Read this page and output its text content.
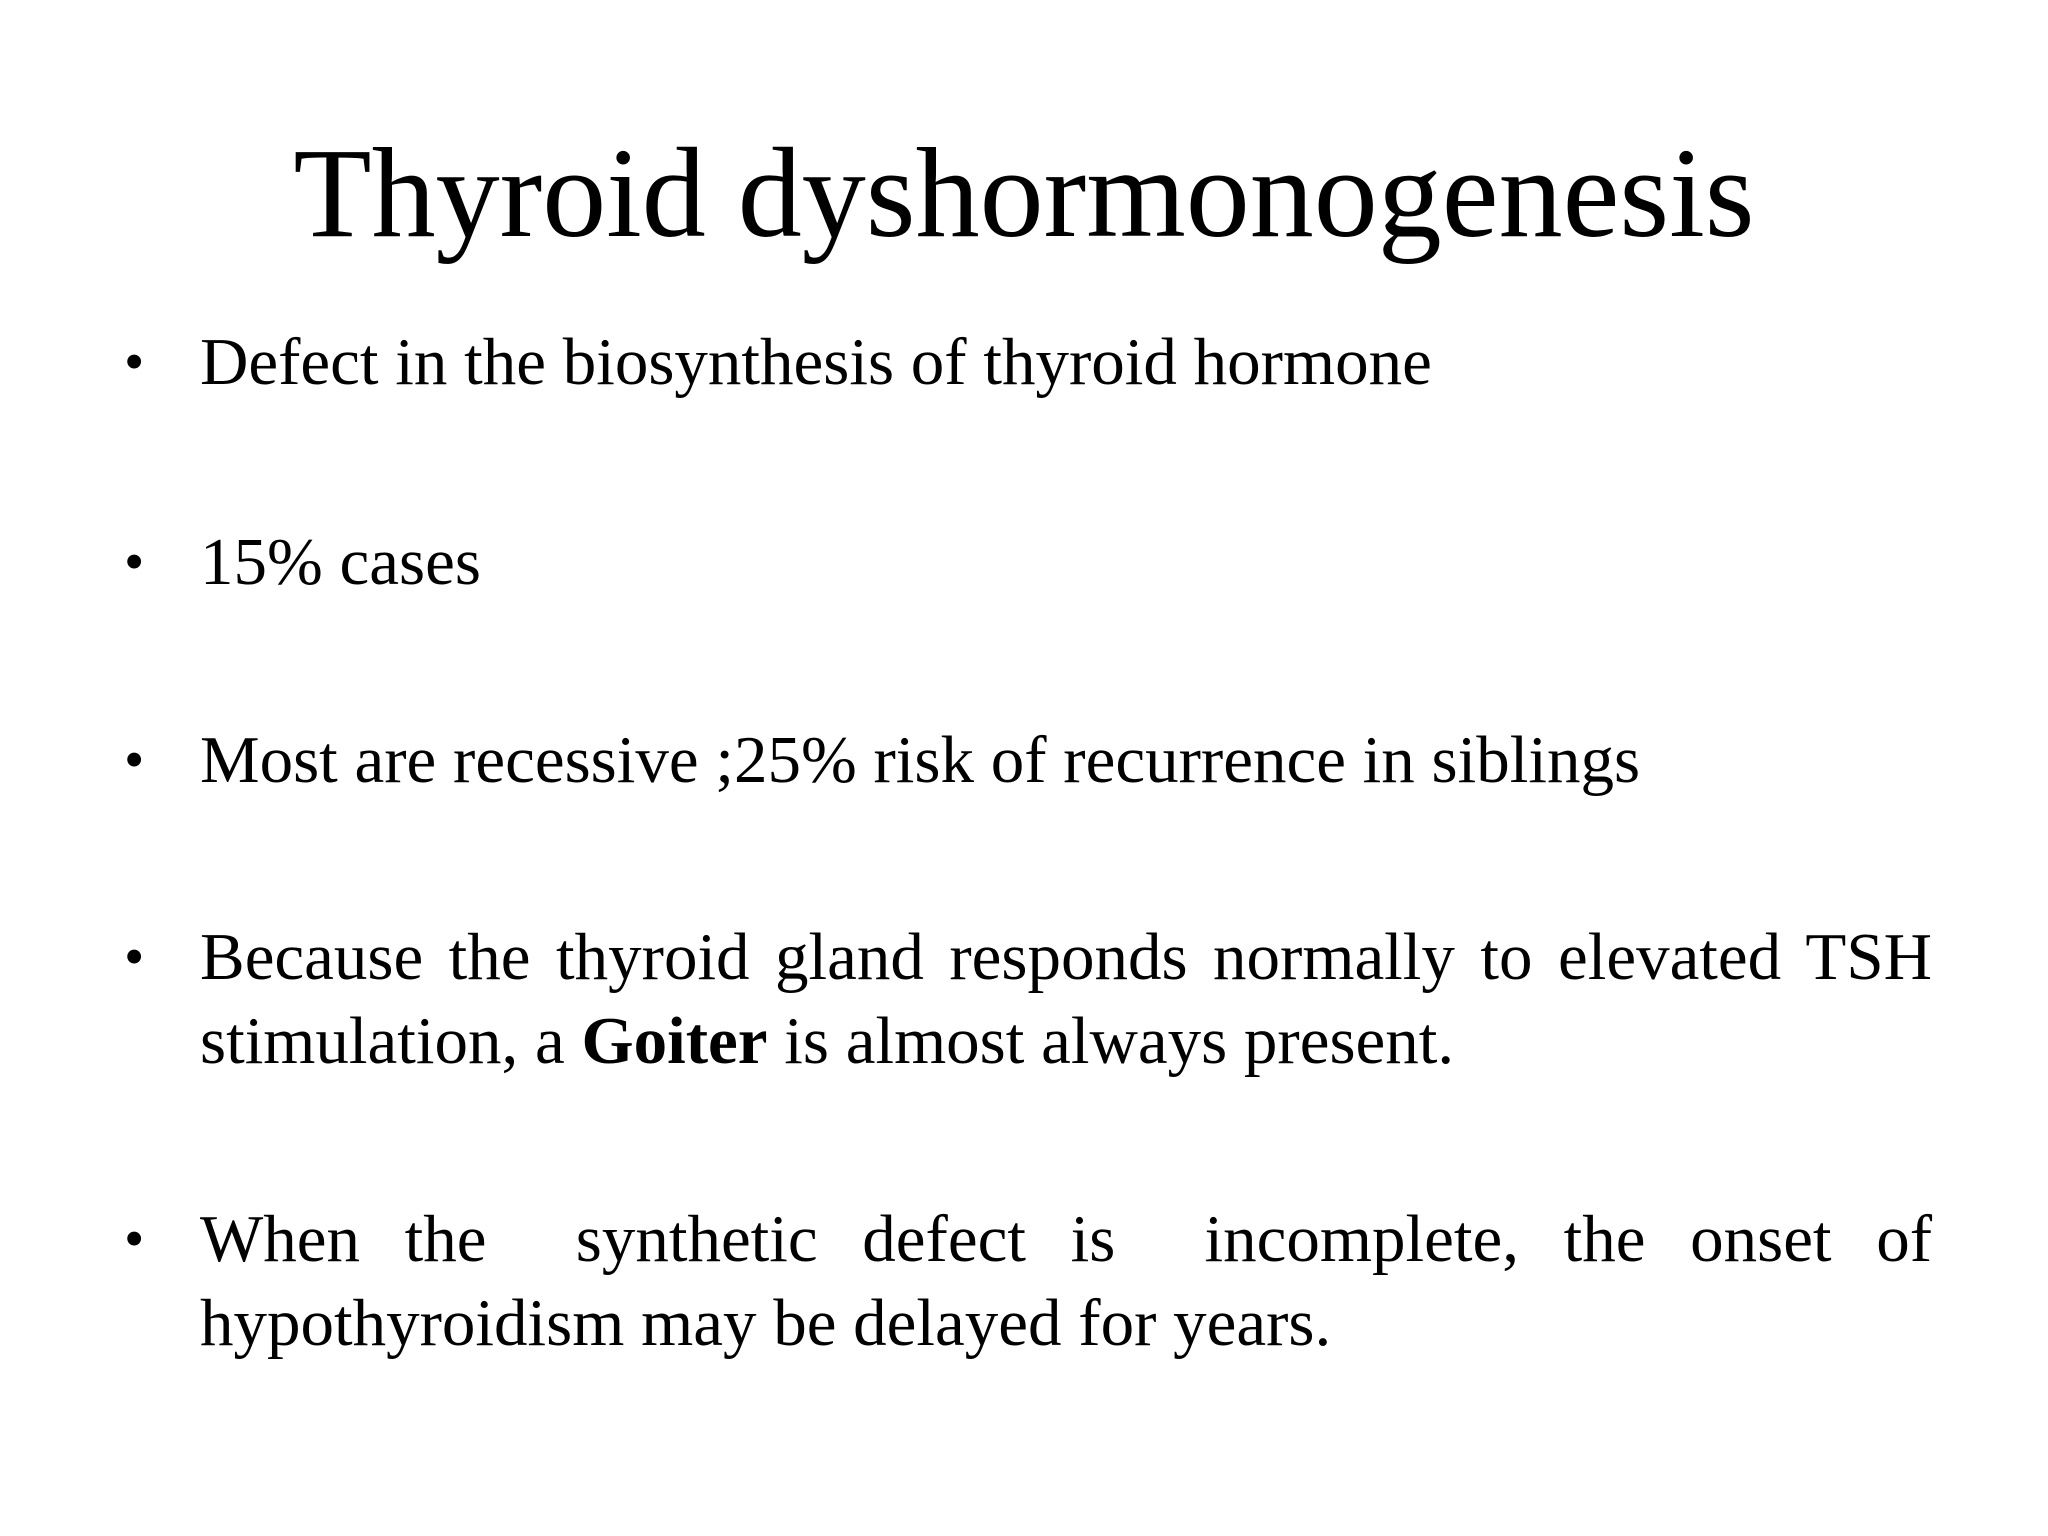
Thyroid dyshormonogenesis
• Defect in the biosynthesis of thyroid hormone
• 15% cases
• Most are recessive ;25% risk of recurrence in siblings
• Because the thyroid gland responds normally to elevated TSH
stimulation, a Goiter is almost always present.
• When the  synthetic defect is  incomplete, the onset of
hypothyroidism may be delayed for years.
